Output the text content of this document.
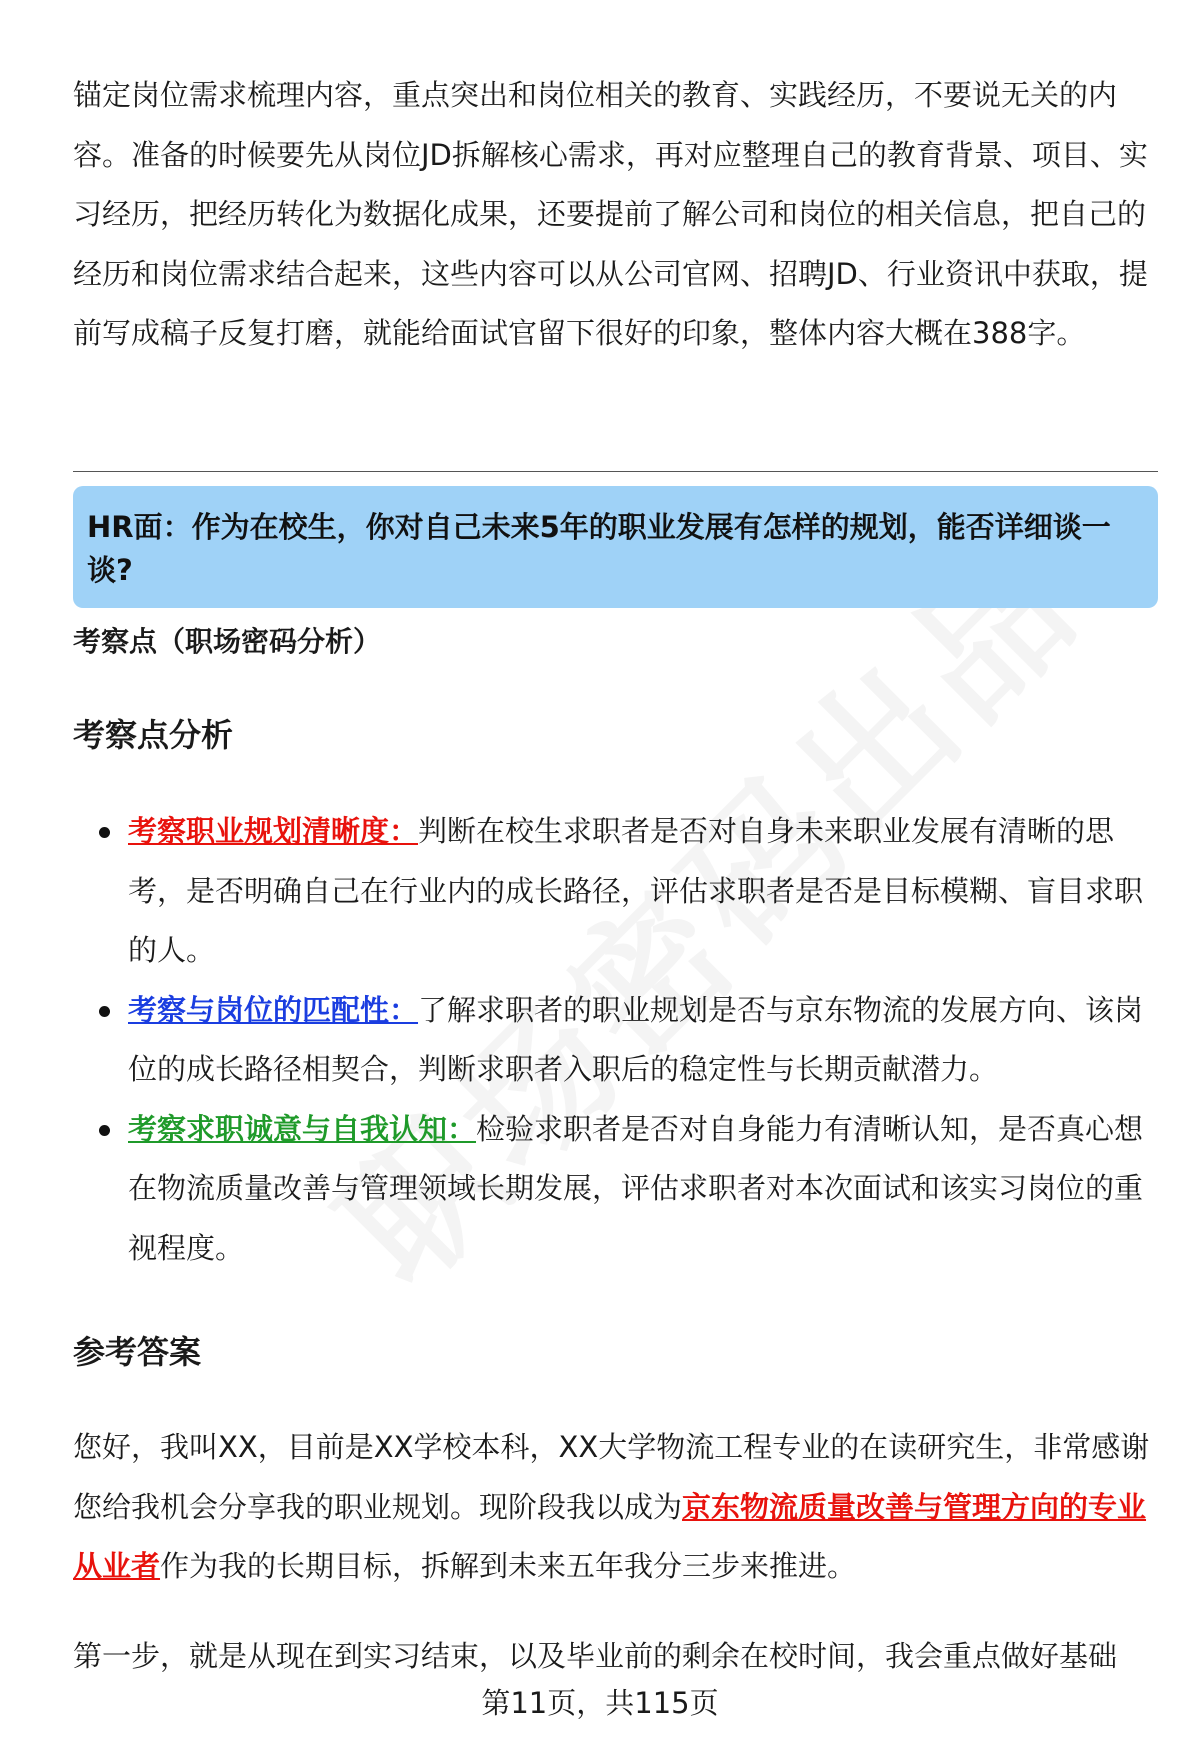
锚定岗位需求梳理内容，重点突出和岗位相关的教育、实践经历，不要说无关的内容。准备的时候要先从岗位JD拆解核心需求，再对应整理自己的教育背景、项目、实习经历，把经历转化为数据化成果，还要提前了解公司和岗位的相关信息，把自己的经历和岗位需求结合起来，这些内容可以从公司官网、招聘JD、行业资讯中获取，提前写成稿子反复打磨，就能给面试官留下很好的印象，整体内容大概在388字。

HR面：作为在校生，你对自己未来5年的职业发展有怎样的规划，能否详细谈一谈?

考察点（职场密码分析）

考察点分析
考察职业规划清晰度：判断在校生求职者是否对自身未来职业发展有清晰的思考，是否明确自己在行业内的成长路径，评估求职者是否是目标模糊、盲目求职的人。
考察与岗位的匹配性：了解求职者的职业规划是否与京东物流的发展方向、该岗位的成长路径相契合，判断求职者入职后的稳定性与长期贡献潜力。
考察求职诚意与自我认知：检验求职者是否对自身能力有清晰认知，是否真心想在物流质量改善与管理领域长期发展，评估求职者对本次面试和该实习岗位的重视程度。
参考答案

您好，我叫XX，目前是XX学校本科，XX大学物流工程专业的在读研究生，非常感谢您给我机会分享我的职业规划。现阶段我以成为京东物流质量改善与管理方向的专业从业者作为我的长期目标，拆解到未来五年我分三步来推进。

第一步，就是从现在到实习结束，以及毕业前的剩余在校时间，我会重点做好基础

第11页，共115页
